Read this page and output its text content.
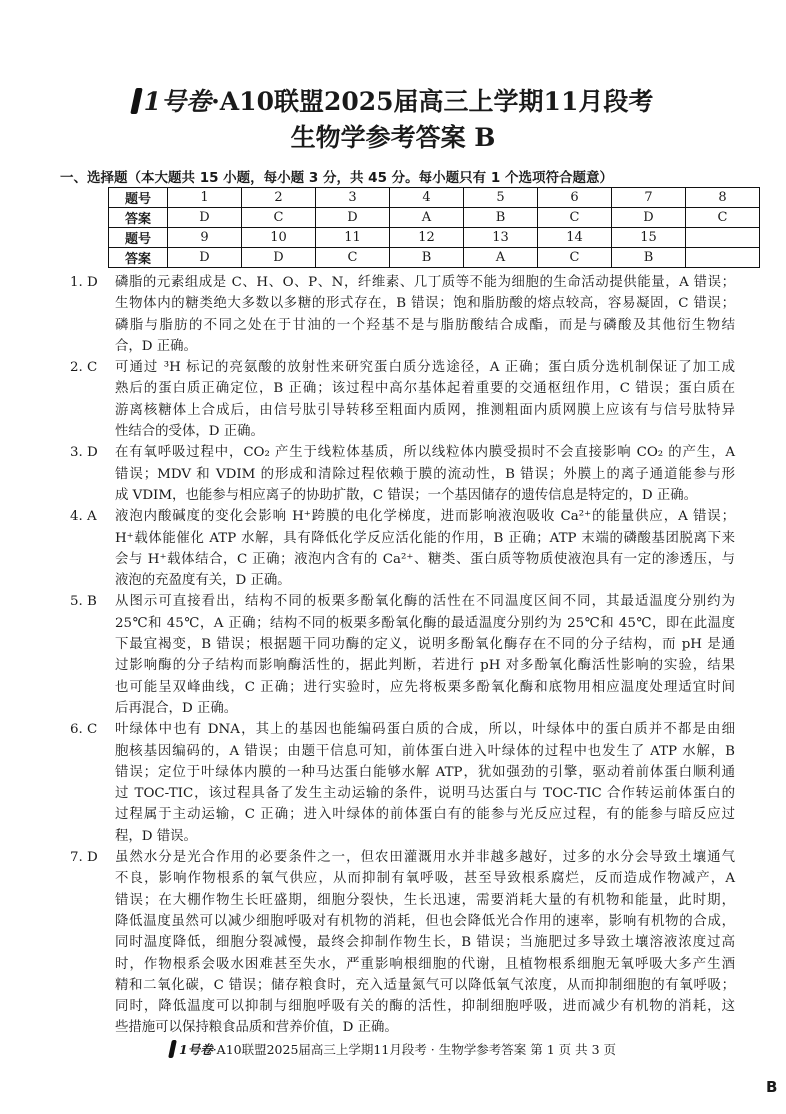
1号卷·A10联盟2025届高三上学期11月段考
生物学参考答案 B
一、选择题（本大题共 15 小题，每小题 3 分，共 45 分。每小题只有 1 个选项符合题意）
题号	1	2	3	4	5	6	7	8
答案	D	C	D	A	B	C	D	C
题号	9	10	11	12	13	14	15	
答案	D	D	C	B	A	C	B	
1. D 磷脂的元素组成是 C、H、O、P、N，纤维素、几丁质等不能为细胞的生命活动提供能量，A 错误；
生物体内的糖类绝大多数以多糖的形式存在，B 错误；饱和脂肪酸的熔点较高，容易凝固，C 错误；
磷脂与脂肪的不同之处在于甘油的一个羟基不是与脂肪酸结合成酯，而是与磷酸及其他衍生物结
合，D 正确。
2. C 可通过 ³H 标记的亮氨酸的放射性来研究蛋白质分选途径，A 正确；蛋白质分选机制保证了加工成
熟后的蛋白质正确定位，B 正确；该过程中高尔基体起着重要的交通枢纽作用，C 错误；蛋白质在
游离核糖体上合成后，由信号肽引导转移至粗面内质网，推测粗面内质网膜上应该有与信号肽特异
性结合的受体，D 正确。
3. D 在有氧呼吸过程中，CO₂ 产生于线粒体基质，所以线粒体内膜受损时不会直接影响 CO₂ 的产生，A
错误；MDV 和 VDIM 的形成和清除过程依赖于膜的流动性，B 错误；外膜上的离子通道能参与形
成 VDIM，也能参与相应离子的协助扩散，C 错误；一个基因储存的遗传信息是特定的，D 正确。
4. A 液泡内酸碱度的变化会影响 H⁺跨膜的电化学梯度，进而影响液泡吸收 Ca²⁺的能量供应，A 错误；
H⁺载体能催化 ATP 水解，具有降低化学反应活化能的作用，B 正确；ATP 末端的磷酸基团脱离下来
会与 H⁺载体结合，C 正确；液泡内含有的 Ca²⁺、糖类、蛋白质等物质使液泡具有一定的渗透压，与
液泡的充盈度有关，D 正确。
5. B 从图示可直接看出，结构不同的板栗多酚氧化酶的活性在不同温度区间不同，其最适温度分别约为
25℃和 45℃，A 正确；结构不同的板栗多酚氧化酶的最适温度分别约为 25℃和 45℃，即在此温度
下最宜褐变，B 错误；根据题干同功酶的定义，说明多酚氧化酶存在不同的分子结构，而 pH 是通
过影响酶的分子结构而影响酶活性的，据此判断，若进行 pH 对多酚氧化酶活性影响的实验，结果
也可能呈双峰曲线，C 正确；进行实验时，应先将板栗多酚氧化酶和底物用相应温度处理适宜时间
后再混合，D 正确。
6. C 叶绿体中也有 DNA，其上的基因也能编码蛋白质的合成，所以，叶绿体中的蛋白质并不都是由细
胞核基因编码的，A 错误；由题干信息可知，前体蛋白进入叶绿体的过程中也发生了 ATP 水解，B
错误；定位于叶绿体内膜的一种马达蛋白能够水解 ATP，犹如强劲的引擎，驱动着前体蛋白顺利通
过 TOC-TIC，该过程具备了发生主动运输的条件，说明马达蛋白与 TOC-TIC 合作转运前体蛋白的
过程属于主动运输，C 正确；进入叶绿体的前体蛋白有的能参与光反应过程，有的能参与暗反应过
程，D 错误。
7. D 虽然水分是光合作用的必要条件之一，但农田灌溉用水并非越多越好，过多的水分会导致土壤通气
不良，影响作物根系的氧气供应，从而抑制有氧呼吸，甚至导致根系腐烂，反而造成作物减产，A
错误；在大棚作物生长旺盛期，细胞分裂快，生长迅速，需要消耗大量的有机物和能量，此时期，
降低温度虽然可以减少细胞呼吸对有机物的消耗，但也会降低光合作用的速率，影响有机物的合成，
同时温度降低，细胞分裂减慢，最终会抑制作物生长，B 错误；当施肥过多导致土壤溶液浓度过高
时，作物根系会吸水困难甚至失水，严重影响根细胞的代谢，且植物根系细胞无氧呼吸大多产生酒
精和二氧化碳，C 错误；储存粮食时，充入适量氮气可以降低氧气浓度，从而抑制细胞的有氧呼吸；
同时，降低温度可以抑制与细胞呼吸有关的酶的活性，抑制细胞呼吸，进而减少有机物的消耗，这
些措施可以保持粮食品质和营养价值，D 正确。
1号卷·A10联盟2025届高三上学期11月段考 · 生物学参考答案 第 1 页 共 3 页
B
